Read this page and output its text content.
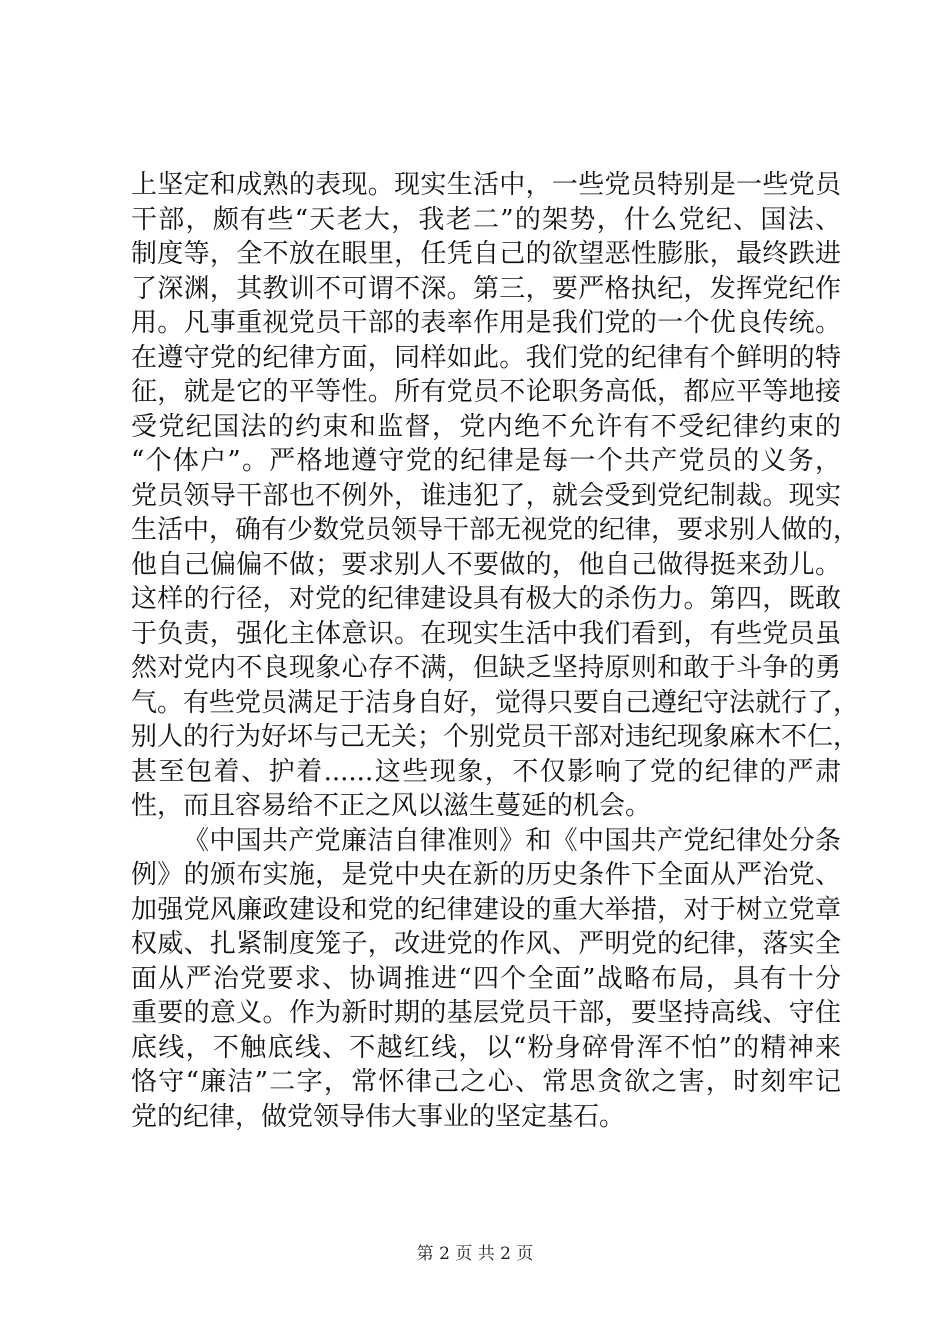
上坚定和成熟的表现。现实生活中，一些党员特别是一些党员
干部，颇有些“天老大，我老二”的架势，什么党纪、国法、
制度等，全不放在眼里，任凭自己的欲望恶性膨胀，最终跌进
了深渊，其教训不可谓不深。第三，要严格执纪，发挥党纪作
用。凡事重视党员干部的表率作用是我们党的一个优良传统。
在遵守党的纪律方面，同样如此。我们党的纪律有个鲜明的特
征，就是它的平等性。所有党员不论职务高低，都应平等地接
受党纪国法的约束和监督，党内绝不允许有不受纪律约束的
“个体户”。严格地遵守党的纪律是每一个共产党员的义务，
党员领导干部也不例外，谁违犯了，就会受到党纪制裁。现实
生活中，确有少数党员领导干部无视党的纪律，要求别人做的，
他自己偏偏不做；要求别人不要做的，他自己做得挺来劲儿。
这样的行径，对党的纪律建设具有极大的杀伤力。第四，既敢
于负责，强化主体意识。在现实生活中我们看到，有些党员虽
然对党内不良现象心存不满，但缺乏坚持原则和敢于斗争的勇
气。有些党员满足于洁身自好，觉得只要自己遵纪守法就行了，
别人的行为好坏与己无关；个别党员干部对违纪现象麻木不仁，
甚至包着、护着......这些现象，不仅影响了党的纪律的严肃
性，而且容易给不正之风以滋生蔓延的机会。
《中国共产党廉洁自律准则》和《中国共产党纪律处分条
例》的颁布实施，是党中央在新的历史条件下全面从严治党、
加强党风廉政建设和党的纪律建设的重大举措，对于树立党章
权威、扎紧制度笼子，改进党的作风、严明党的纪律，落实全
面从严治党要求、协调推进“四个全面”战略布局，具有十分
重要的意义。作为新时期的基层党员干部，要坚持高线、守住
底线，不触底线、不越红线，以“粉身碎骨浑不怕”的精神来
恪守“廉洁”二字，常怀律己之心、常思贪欲之害，时刻牢记
党的纪律，做党领导伟大事业的坚定基石。
第 2 页 共 2 页
